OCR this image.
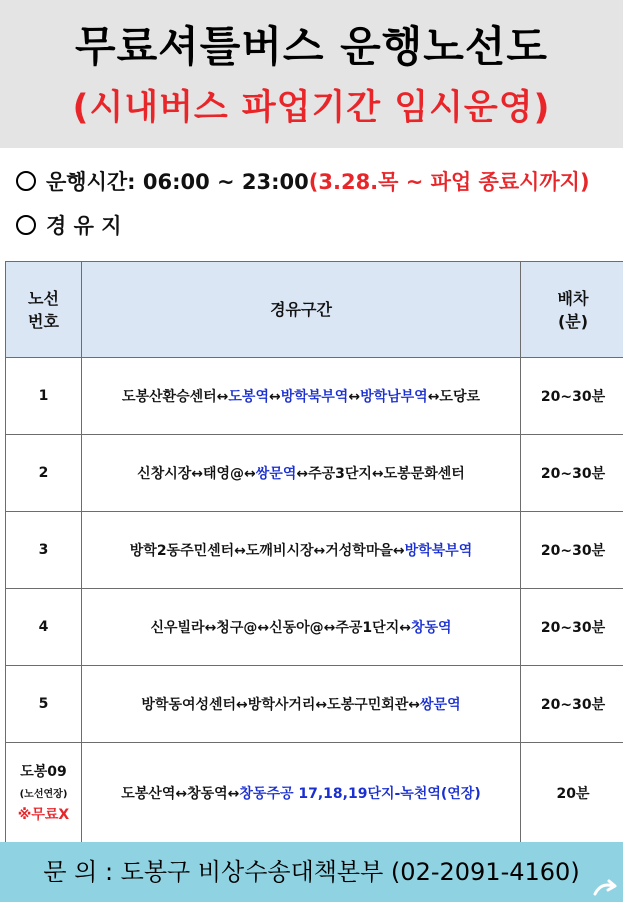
무료셔틀버스 운행노선도
(시내버스 파업기간 임시운영)
운행시간: 06:00 ~ 23:00 (3.28.목 ~ 파업 종료시까지)
경 유 지
노선
번호	경유구간	배차
(분)

1	도봉산환승센터↔도봉역↔방학북부역↔방학남부역↔도당로	20~30분

2	신창시장↔태영@↔쌍문역↔주공3단지↔도봉문화센터	20~30분

3	방학2동주민센터↔도깨비시장↔거성학마을↔방학북부역	20~30분

4	신우빌라↔청구@↔신동아@↔주공1단지↔창동역	20~30분

5	방학동여성센터↔방학사거리↔도봉구민회관↔쌍문역	20~30분

도봉09
(노선연장)
※무료X	도봉산역↔창동역↔창동주공 17,18,19단지-녹천역(연장)	20분
문 의 : 도봉구 비상수송대책본부 (02-2091-4160)
